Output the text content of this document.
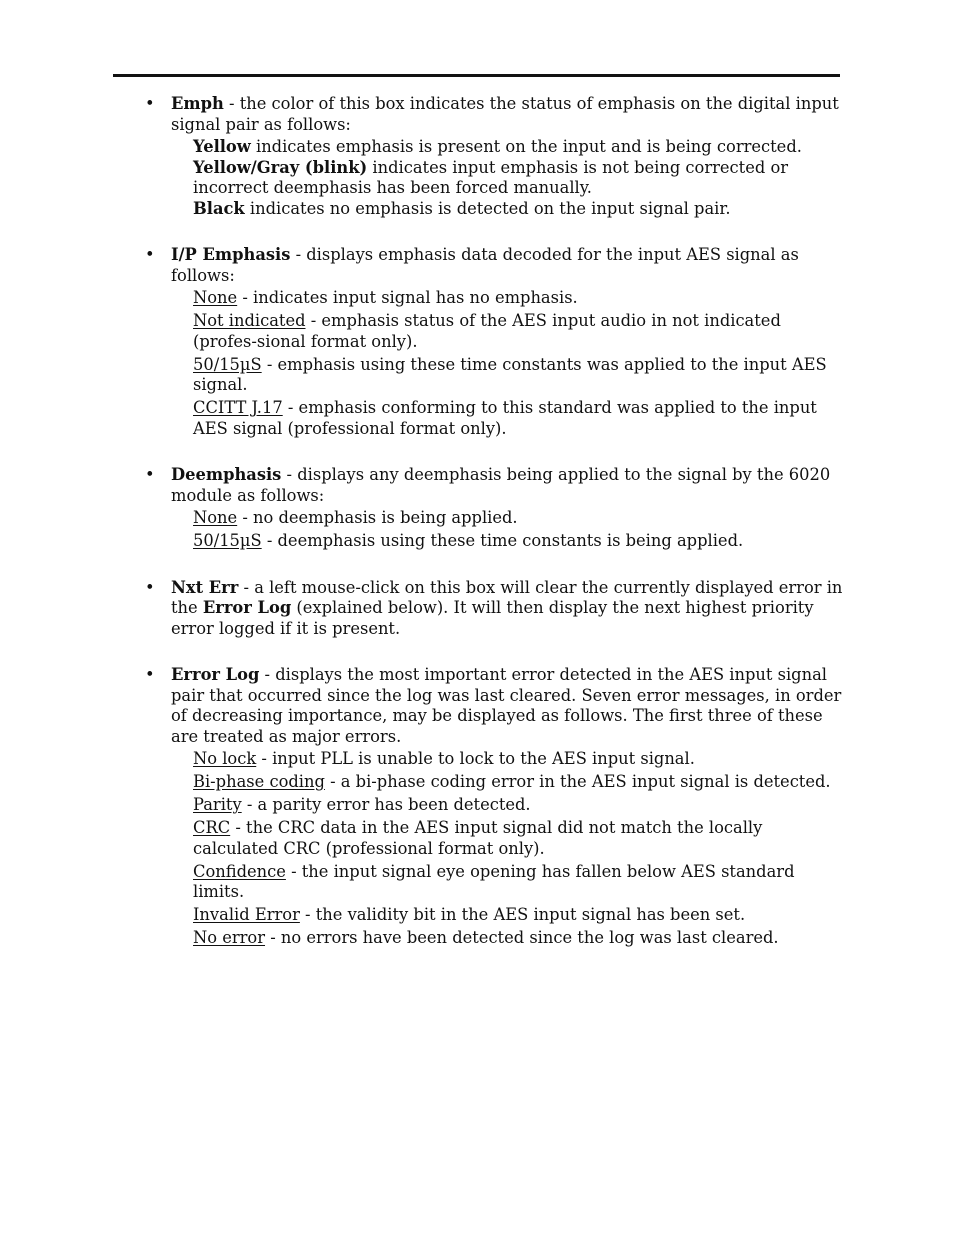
• Emph - the color of this box indicates the status of emphasis on the digital input signal pair as follows:

Yellow indicates emphasis is present on the input and is being corrected.
Yellow/Gray (blink) indicates input emphasis is not being corrected or incorrect deemphasis has been forced manually.
Black indicates no emphasis is detected on the input signal pair.
• I/P Emphasis - displays emphasis data decoded for the input AES signal as follows:

None - indicates input signal has no emphasis.
Not indicated - emphasis status of the AES input audio in not indicated (profes-sional format only).
50/15µS - emphasis using these time constants was applied to the input AES signal.
CCITT J.17 - emphasis conforming to this standard was applied to the input AES signal (professional format only).
• Deemphasis - displays any deemphasis being applied to the signal by the 6020 module as follows:

None - no deemphasis is being applied.
50/15µS - deemphasis using these time constants is being applied.
• Nxt Err - a left mouse-click on this box will clear the currently displayed error in the Error Log (explained below). It will then display the next highest priority error logged if it is present.

• Error Log - displays the most important error detected in the AES input signal pair that occurred since the log was last cleared. Seven error messages, in order of decreasing importance, may be displayed as follows. The first three of these are treated as major errors.

No lock - input PLL is unable to lock to the AES input signal.
Bi-phase coding - a bi-phase coding error in the AES input signal is detected.
Parity - a parity error has been detected.
CRC - the CRC data in the AES input signal did not match the locally calculated CRC (professional format only).
Confidence - the input signal eye opening has fallen below AES standard limits.
Invalid Error - the validity bit in the AES input signal has been set.
No error - no errors have been detected since the log was last cleared.
